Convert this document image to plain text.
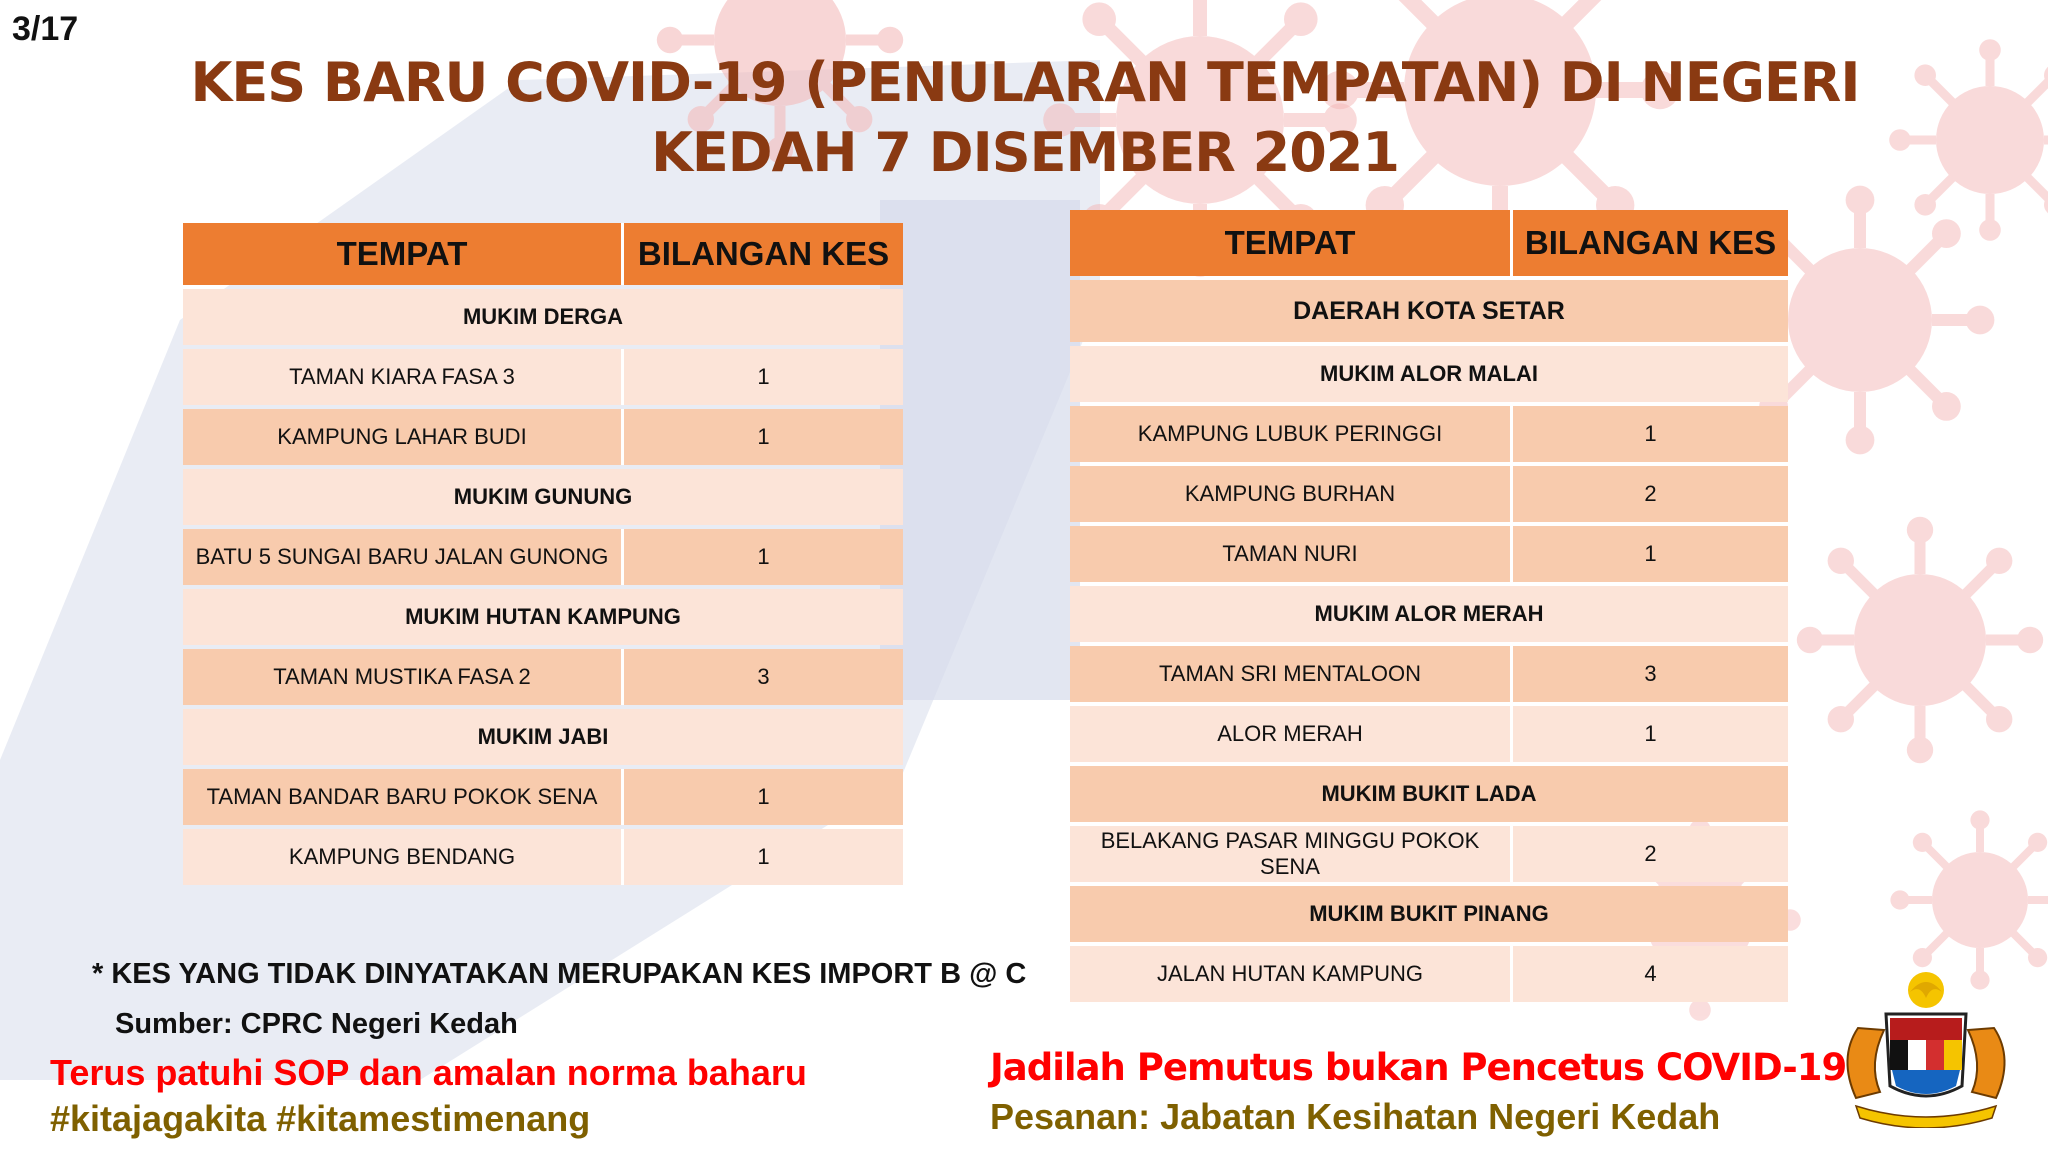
3/17
KES BARU COVID-19 (PENULARAN TEMPATAN) DI NEGERI
KEDAH 7 DISEMBER 2021
TEMPAT	BILANGAN KES
MUKIM DERGA	
TAMAN KIARA FASA 3	1
KAMPUNG LAHAR BUDI	1
MUKIM GUNUNG	
BATU 5 SUNGAI BARU JALAN GUNONG	1
MUKIM HUTAN KAMPUNG	
TAMAN MUSTIKA FASA 2	3
MUKIM JABI	
TAMAN BANDAR BARU POKOK SENA	1
KAMPUNG BENDANG	1
TEMPAT	BILANGAN KES
DAERAH KOTA SETAR	
MUKIM ALOR MALAI	
KAMPUNG LUBUK PERINGGI	1
KAMPUNG BURHAN	2
TAMAN NURI	1
MUKIM ALOR MERAH	
TAMAN SRI MENTALOON	3
ALOR MERAH	1
MUKIM BUKIT LADA	
BELAKANG PASAR MINGGU POKOK SENA	2
MUKIM BUKIT PINANG	
JALAN HUTAN KAMPUNG	4
* KES YANG TIDAK DINYATAKAN MERUPAKAN KES IMPORT B @ C
Sumber: CPRC Negeri Kedah
Terus patuhi SOP dan amalan norma baharu
#kitajagakita #kitamestimenang
Jadilah Pemutus bukan Pencetus COVID-19
Pesanan: Jabatan Kesihatan Negeri Kedah
